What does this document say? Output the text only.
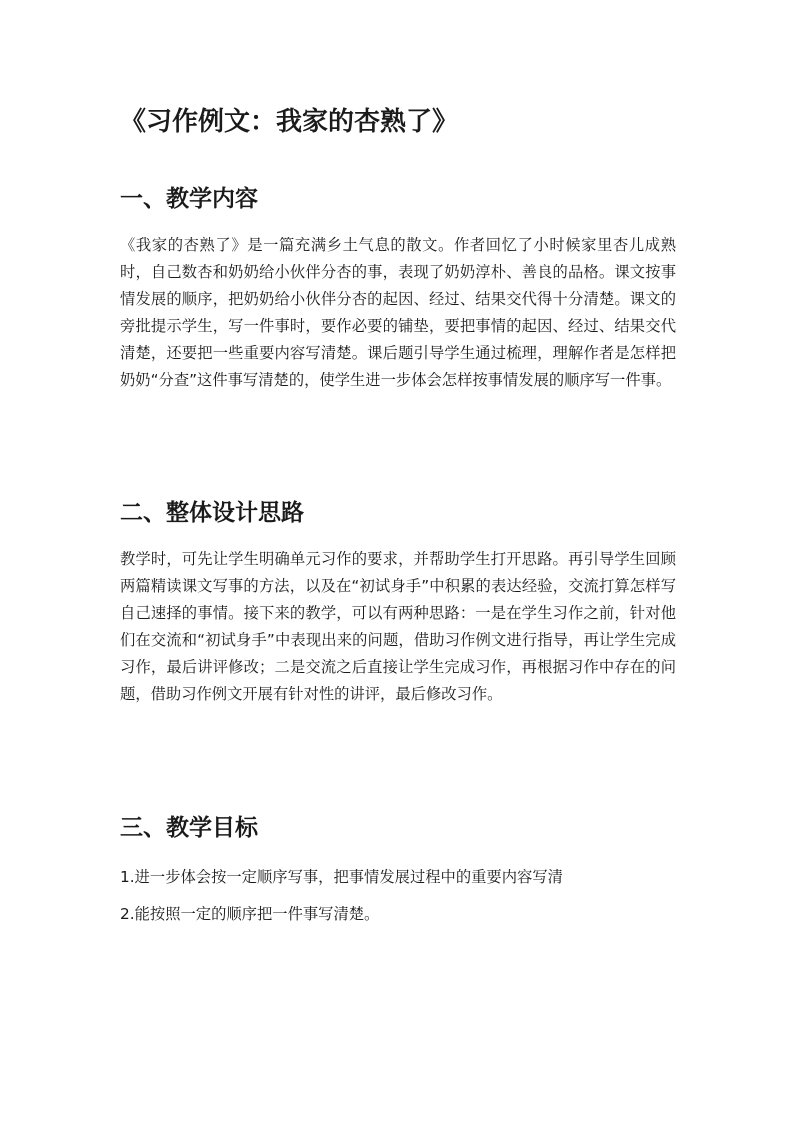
《习作例文：我家的杏熟了》
一、教学内容

《我家的杏熟了》是一篇充满乡土气息的散文。作者回忆了小时候家里杏儿成熟时，自己数杏和奶奶给小伙伴分杏的事，表现了奶奶淳朴、善良的品格。课文按事情发展的顺序，把奶奶给小伙伴分杏的起因、经过、结果交代得十分清楚。课文的旁批提示学生，写一件事时，要作必要的铺垫，要把事情的起因、经过、结果交代清楚，还要把一些重要内容写清楚。课后题引导学生通过梳理，理解作者是怎样把奶奶“分查”这件事写清楚的，使学生进一步体会怎样按事情发展的顺序写一件事。

二、整体设计思路

教学时，可先让学生明确单元习作的要求，并帮助学生打开思路。再引导学生回顾两篇精读课文写事的方法，以及在“初试身手”中积累的表达经验，交流打算怎样写自己速择的事情。接下来的教学，可以有两种思路：一是在学生习作之前，针对他们在交流和“初试身手”中表现出来的问题，借助习作例文进行指导，再让学生完成习作，最后讲评修改；二是交流之后直接让学生完成习作，再根据习作中存在的问题，借助习作例文开展有针对性的讲评，最后修改习作。

三、教学目标

1.进一步体会按一定顺序写事，把事情发展过程中的重要内容写清

2.能按照一定的顺序把一件事写清楚。
